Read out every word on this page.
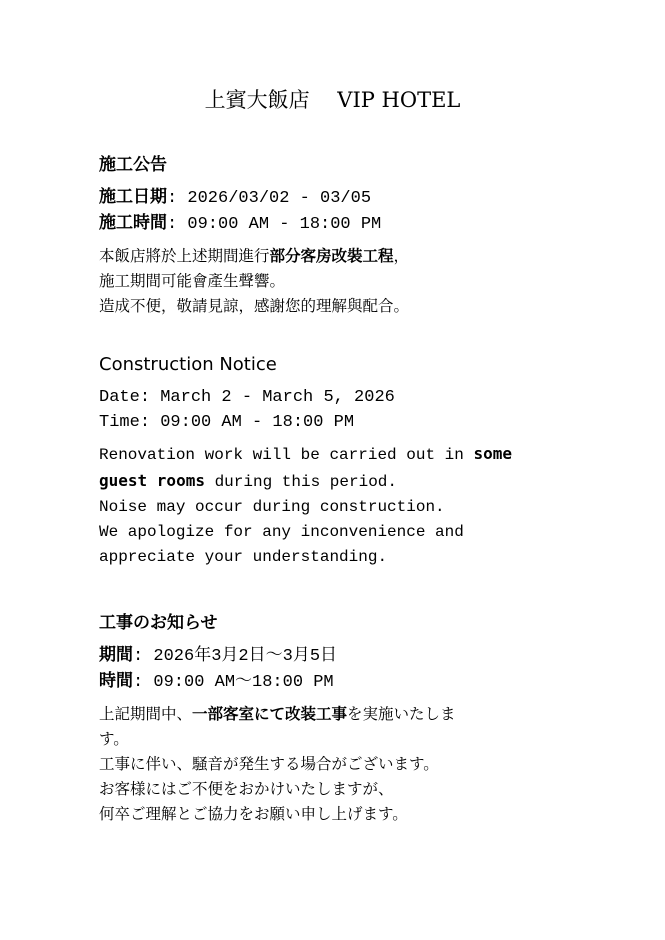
上賓大飯店　 VIP HOTEL
施工公告
施工日期: 2026/03/02 - 03/05
施工時間: 09:00 AM - 18:00 PM
本飯店將於上述期間進行部分客房改裝工程，
施工期間可能會產生聲響。
造成不便，敬請見諒，感謝您的理解與配合。
Construction Notice
Date: March 2 - March 5, 2026
Time: 09:00 AM - 18:00 PM
Renovation work will be carried out in some
guest rooms during this period.
Noise may occur during construction.
We apologize for any inconvenience and
appreciate your understanding.
工事のお知らせ
期間: 2026年3月2日〜3月5日
時間: 09:00 AM〜18:00 PM
上記期間中、一部客室にて改装工事を実施いたしま
す。
工事に伴い、騒音が発生する場合がございます。
お客様にはご不便をおかけいたしますが、
何卒ご理解とご協力をお願い申し上げます。
